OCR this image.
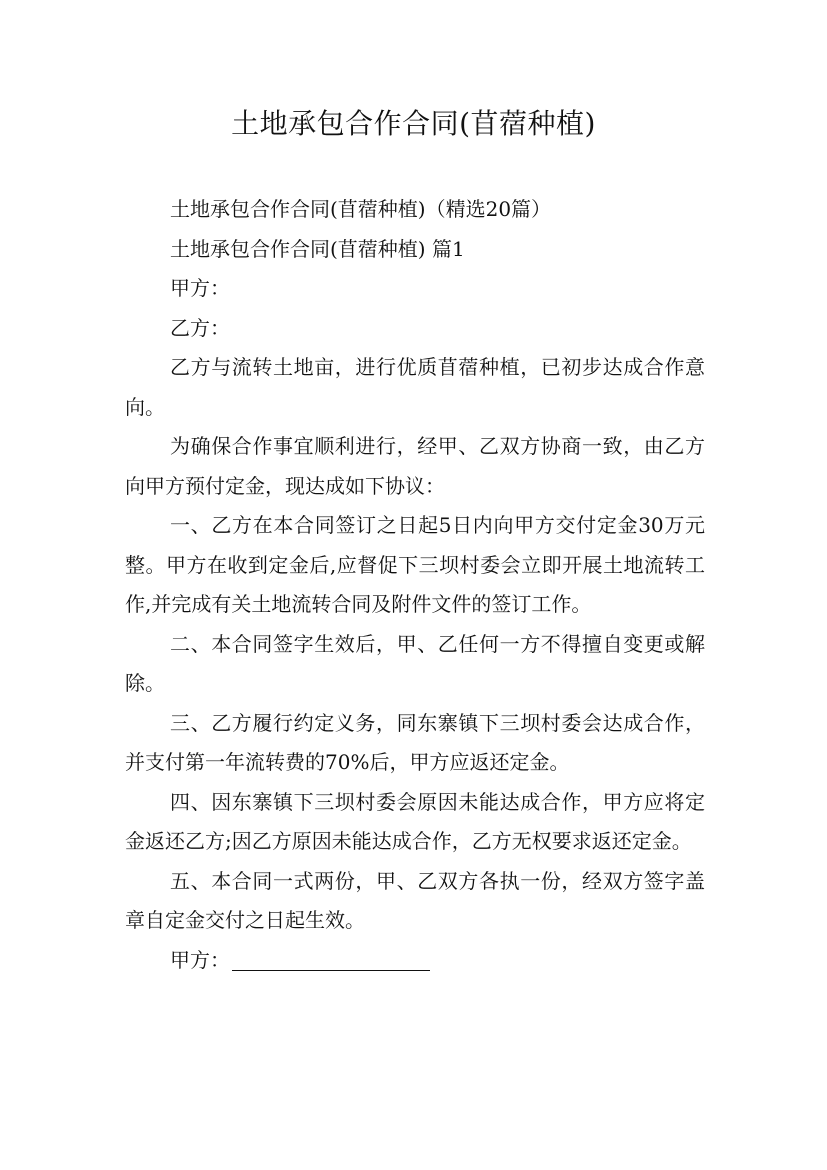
土地承包合作合同(苜蓿种植)

土地承包合作合同(苜蓿种植)（精选20篇）

土地承包合作合同(苜蓿种植) 篇1

甲方：

乙方：

乙方与流转土地亩，进行优质苜蓿种植，已初步达成合作意向。

为确保合作事宜顺利进行，经甲、乙双方协商一致，由乙方向甲方预付定金，现达成如下协议：

一、乙方在本合同签订之日起5日内向甲方交付定金30万元整。甲方在收到定金后,应督促下三坝村委会立即开展土地流转工作,并完成有关土地流转合同及附件文件的签订工作。

二、本合同签字生效后，甲、乙任何一方不得擅自变更或解除。

三、乙方履行约定义务，同东寨镇下三坝村委会达成合作，并支付第一年流转费的70%后，甲方应返还定金。

四、因东寨镇下三坝村委会原因未能达成合作，甲方应将定金返还乙方;因乙方原因未能达成合作，乙方无权要求返还定金。

五、本合同一式两份，甲、乙双方各执一份，经双方签字盖章自定金交付之日起生效。

甲方：
